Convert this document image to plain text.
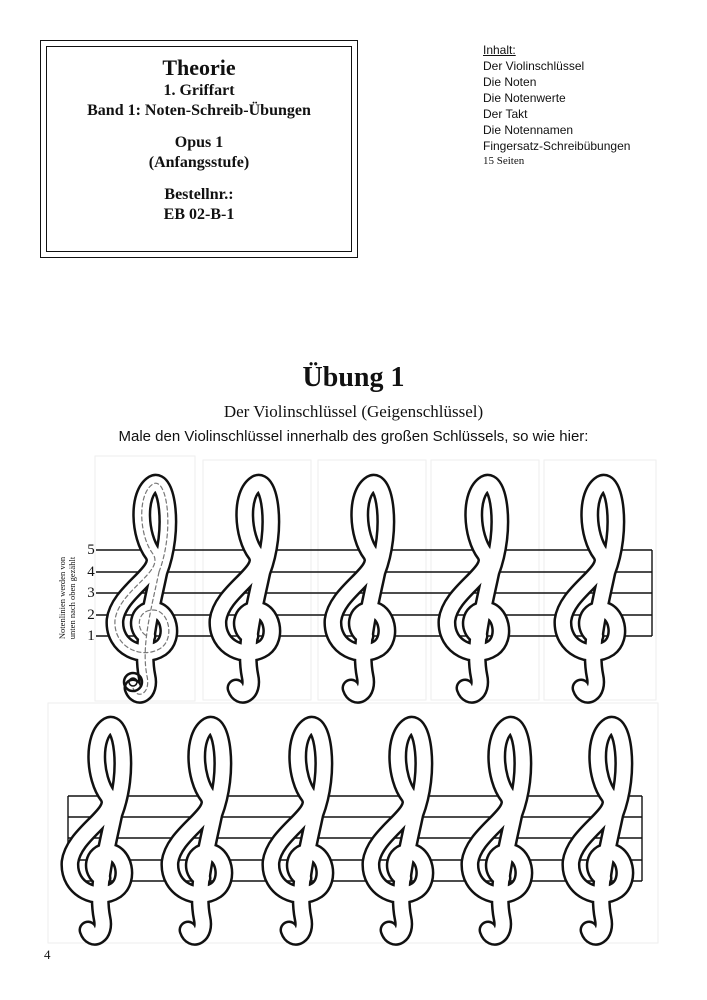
Theorie
1. Griffart
Band 1: Noten-Schreib-Übungen
Opus 1
(Anfangsstufe)
Bestellnr.:
EB 02-B-1
Inhalt:
Der Violinschlüssel
Die Noten
Die Notenwerte
Der Takt
Die Notennamen
Fingersatz-Schreibübungen
15 Seiten
Übung 1
Der Violinschlüssel (Geigenschlüssel)
Male den Violinschlüssel innerhalb des großen Schlüssels, so wie hier:
Notenlinien werden von unten nach oben gezählt
5
4
3
2
1
4
